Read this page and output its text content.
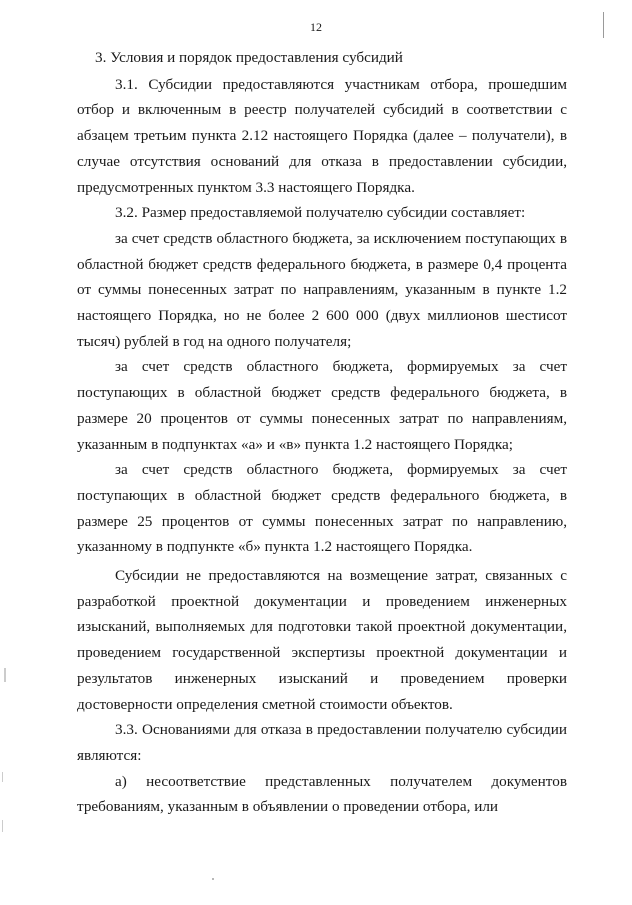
12

3. Условия и порядок предоставления субсидий

3.1. Субсидии предоставляются участникам отбора, прошедшим отбор и включенным в реестр получателей субсидий в соответствии с абзацем третьим пункта 2.12 настоящего Порядка (далее – получатели), в случае отсутствия оснований для отказа в предоставлении субсидии, предусмотренных пунктом 3.3 настоящего Порядка.

3.2. Размер предоставляемой получателю субсидии составляет:

за счет средств областного бюджета, за исключением поступающих в областной бюджет средств федерального бюджета, в размере 0,4 процента от суммы понесенных затрат по направлениям, указанным в пункте 1.2 настоящего Порядка, но не более 2 600 000 (двух миллионов шестисот тысяч) рублей в год на одного получателя;

за счет средств областного бюджета, формируемых за счет поступающих в областной бюджет средств федерального бюджета, в размере 20 процентов от суммы понесенных затрат по направлениям, указанным в подпунктах «а» и «в» пункта 1.2 настоящего Порядка;

за счет средств областного бюджета, формируемых за счет поступающих в областной бюджет средств федерального бюджета, в размере 25 процентов от суммы понесенных затрат по направлению, указанному в подпункте «б» пункта 1.2 настоящего Порядка.

Субсидии не предоставляются на возмещение затрат, связанных с разработкой проектной документации и проведением инженерных изысканий, выполняемых для подготовки такой проектной документации, проведением государственной экспертизы проектной документации и результатов инженерных изысканий и проведением проверки достоверности определения сметной стоимости объектов.

3.3. Основаниями для отказа в предоставлении получателю субсидии являются:

а) несоответствие представленных получателем документов требованиям, указанным в объявлении о проведении отбора, или
